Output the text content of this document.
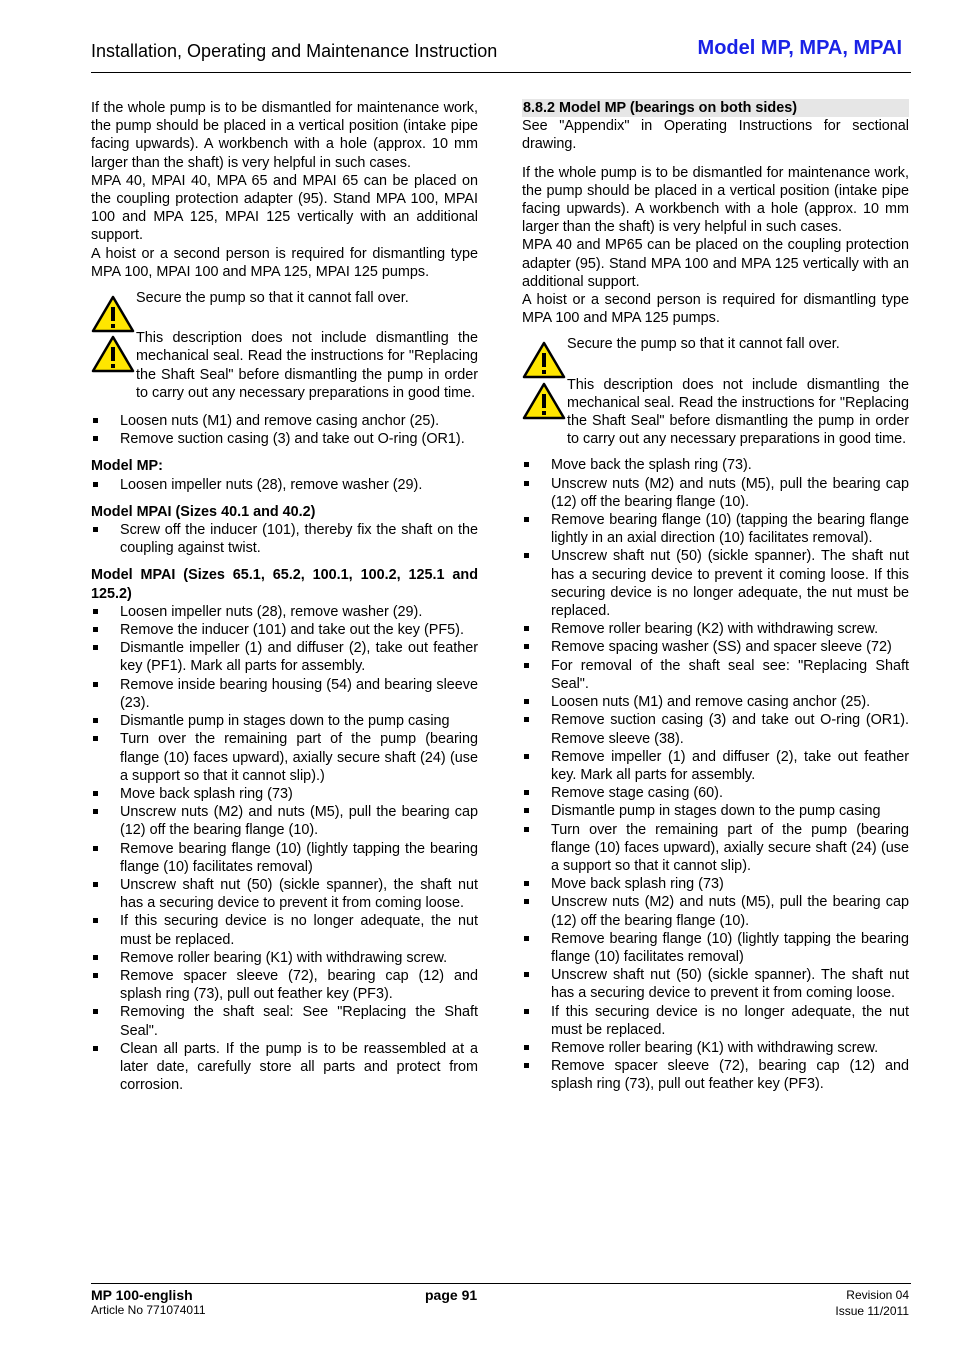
Installation, Operating and Maintenance Instruction	Model MP, MPA, MPAI

If the whole pump is to be dismantled for maintenance work, the pump should be placed in a vertical position (intake pipe facing upwards). A workbench with a hole (approx. 10 mm larger than the shaft) is very helpful in such cases.

MPA 40, MPAI 40, MPA 65 and MPAI 65 can be placed on the coupling protection adapter (95). Stand MPA 100, MPAI 100 and MPA 125, MPAI 125 vertically with an additional support.

A hoist or a second person is required for dismantling type MPA 100, MPAI 100 and MPA 125, MPAI 125 pumps.

Secure the pump so that it cannot fall over.
This description does not include dismantling the mechanical seal. Read the instructions for "Replacing the Shaft Seal" before dismantling the pump in order to carry out any necessary preparations in good time.
Loosen nuts (M1) and remove casing anchor (25).
Remove suction casing (3) and take out O-ring (OR1).
Model MP:
Loosen impeller nuts (28), remove washer (29).
Model MPAI (Sizes 40.1 and 40.2)
Screw off the inducer (101), thereby fix the shaft on the coupling against twist.
Model MPAI (Sizes 65.1, 65.2, 100.1, 100.2, 125.1 and 125.2)
Loosen impeller nuts (28), remove washer (29).
Remove the inducer (101) and take out the key (PF5).
Dismantle impeller (1) and diffuser (2), take out feather key (PF1). Mark all parts for assembly.
Remove inside bearing housing (54) and bearing sleeve (23).
Dismantle pump in stages down to the pump casing
Turn over the remaining part of the pump (bearing flange (10) faces upward), axially secure shaft (24) (use a support so that it cannot slip).)
Move back splash ring (73)
Unscrew nuts (M2) and nuts (M5), pull the bearing cap (12) off the bearing flange (10).
Remove bearing flange (10) (lightly tapping the bearing flange (10) facilitates removal)
Unscrew shaft nut (50) (sickle spanner), the shaft nut has a securing device to prevent it from coming loose.
If this securing device is no longer adequate, the nut must be replaced.
Remove roller bearing (K1) with withdrawing screw.
Remove spacer sleeve (72), bearing cap (12) and splash ring (73), pull out feather key (PF3).
Removing the shaft seal: See "Replacing the Shaft Seal".
Clean all parts. If the pump is to be reassembled at a later date, carefully store all parts and protect from corrosion.
8.8.2 Model MP (bearings on both sides)

See "Appendix" in Operating Instructions for sectional drawing.

If the whole pump is to be dismantled for maintenance work, the pump should be placed in a vertical position (intake pipe facing upwards). A workbench with a hole (approx. 10 mm larger than the shaft) is very helpful in such cases.

MPA 40 and MP65 can be placed on the coupling protection adapter (95). Stand MPA 100 and MPA 125 vertically with an additional support.

A hoist or a second person is required for dismantling type MPA 100 and MPA 125 pumps.

Secure the pump so that it cannot fall over.
This description does not include dismantling the mechanical seal. Read the instructions for "Replacing the Shaft Seal" before dismantling the pump in order to carry out any necessary preparations in good time.
Move back the splash ring (73).
Unscrew nuts (M2) and nuts (M5), pull the bearing cap (12) off the bearing flange (10).
Remove bearing flange (10) (tapping the bearing flange lightly in an axial direction (10) facilitates removal).
Unscrew shaft nut (50) (sickle spanner). The shaft nut has a securing device to prevent it coming loose. If this securing device is no longer adequate, the nut must be replaced.
Remove roller bearing (K2) with withdrawing screw.
Remove spacing washer (SS) and spacer sleeve (72)
For removal of the shaft seal see: "Replacing Shaft Seal".
Loosen nuts (M1) and remove casing anchor (25).
Remove suction casing (3) and take out O-ring (OR1). Remove sleeve (38).
Remove impeller (1) and diffuser (2), take out feather key. Mark all parts for assembly.
Remove stage casing (60).
Dismantle pump in stages down to the pump casing
Turn over the remaining part of the pump (bearing flange (10) faces upward), axially secure shaft (24) (use a support so that it cannot slip).
Move back splash ring (73)
Unscrew nuts (M2) and nuts (M5), pull the bearing cap (12) off the bearing flange (10).
Remove bearing flange (10) (lightly tapping the bearing flange (10) facilitates removal)
Unscrew shaft nut (50) (sickle spanner). The shaft nut has a securing device to prevent it from coming loose.
If this securing device is no longer adequate, the nut must be replaced.
Remove roller bearing (K1) with withdrawing screw.
Remove spacer sleeve (72), bearing cap (12) and splash ring (73), pull out feather key (PF3).
MP 100-english
Article No 771074011
page 91	Revision 04
Issue 11/2011
